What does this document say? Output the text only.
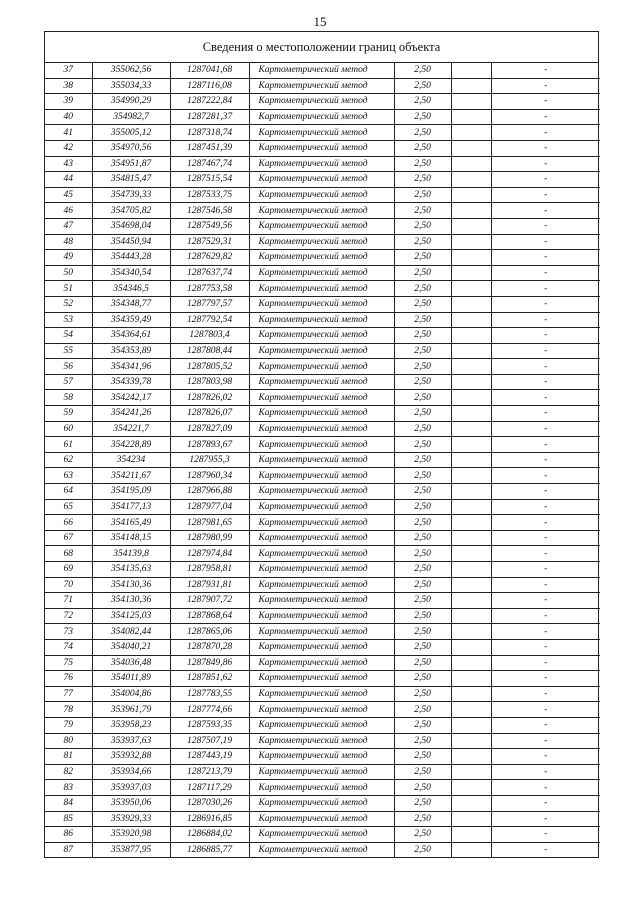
15
Сведения о местоположении границ объекта
37	355062,56	1287041,68	Картометрический метод	2,50		-
38	355034,33	1287116,08	Картометрический метод	2,50		-
39	354990,29	1287222,84	Картометрический метод	2,50		-
40	354982,7	1287281,37	Картометрический метод	2,50		-
41	355005,12	1287318,74	Картометрический метод	2,50		-
42	354970,56	1287451,39	Картометрический метод	2,50		-
43	354951,87	1287467,74	Картометрический метод	2,50		-
44	354815,47	1287515,54	Картометрический метод	2,50		-
45	354739,33	1287533,75	Картометрический метод	2,50		-
46	354705,82	1287546,58	Картометрический метод	2,50		-
47	354698,04	1287549,56	Картометрический метод	2,50		-
48	354450,94	1287529,31	Картометрический метод	2,50		-
49	354443,28	1287629,82	Картометрический метод	2,50		-
50	354340,54	1287637,74	Картометрический метод	2,50		-
51	354346,5	1287753,58	Картометрический метод	2,50		-
52	354348,77	1287797,57	Картометрический метод	2,50		-
53	354359,49	1287792,54	Картометрический метод	2,50		-
54	354364,61	1287803,4	Картометрический метод	2,50		-
55	354353,89	1287808,44	Картометрический метод	2,50		-
56	354341,96	1287805,52	Картометрический метод	2,50		-
57	354339,78	1287803,98	Картометрический метод	2,50		-
58	354242,17	1287826,02	Картометрический метод	2,50		-
59	354241,26	1287826,07	Картометрический метод	2,50		-
60	354221,7	1287827,09	Картометрический метод	2,50		-
61	354228,89	1287893,67	Картометрический метод	2,50		-
62	354234	1287955,3	Картометрический метод	2,50		-
63	354211,67	1287960,34	Картометрический метод	2,50		-
64	354195,09	1287966,88	Картометрический метод	2,50		-
65	354177,13	1287977,04	Картометрический метод	2,50		-
66	354165,49	1287981,65	Картометрический метод	2,50		-
67	354148,15	1287980,99	Картометрический метод	2,50		-
68	354139,8	1287974,84	Картометрический метод	2,50		-
69	354135,63	1287958,81	Картометрический метод	2,50		-
70	354130,36	1287931,81	Картометрический метод	2,50		-
71	354130,36	1287907,72	Картометрический метод	2,50		-
72	354125,03	1287868,64	Картометрический метод	2,50		-
73	354082,44	1287865,06	Картометрический метод	2,50		-
74	354040,21	1287870,28	Картометрический метод	2,50		-
75	354036,48	1287849,86	Картометрический метод	2,50		-
76	354011,89	1287851,62	Картометрический метод	2,50		-
77	354004,86	1287783,55	Картометрический метод	2,50		-
78	353961,79	1287774,66	Картометрический метод	2,50		-
79	353958,23	1287593,35	Картометрический метод	2,50		-
80	353937,63	1287507,19	Картометрический метод	2,50		-
81	353932,88	1287443,19	Картометрический метод	2,50		-
82	353934,66	1287213,79	Картометрический метод	2,50		-
83	353937,03	1287117,29	Картометрический метод	2,50		-
84	353950,06	1287030,26	Картометрический метод	2,50		-
85	353929,33	1286916,85	Картометрический метод	2,50		-
86	353920,98	1286884,02	Картометрический метод	2,50		-
87	353877,95	1286885,77	Картометрический метод	2,50		-
